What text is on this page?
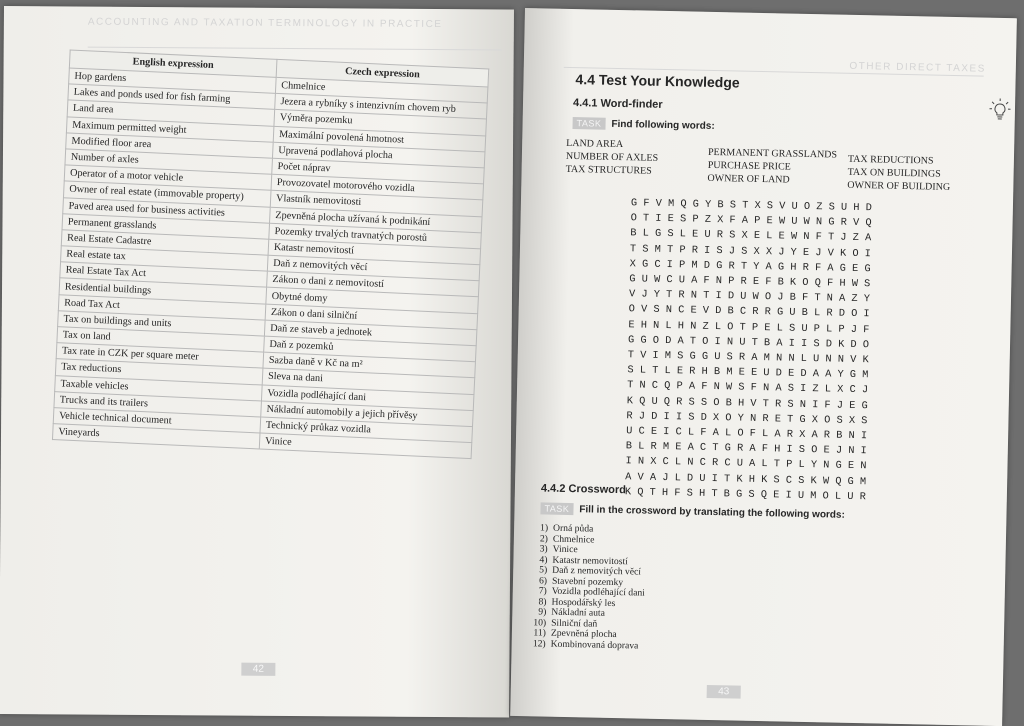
ACCOUNTING AND TAXATION TERMINOLOGY IN PRACTICE
English expression	Czech expression
Hop gardens	Chmelnice
Lakes and ponds used for fish farming	Jezera a rybníky s intenzivním chovem ryb
Land area	Výměra pozemku
Maximum permitted weight	Maximální povolená hmotnost
Modified floor area	Upravená podlahová plocha
Number of axles	Počet náprav
Operator of a motor vehicle	Provozovatel motorového vozidla
Owner of real estate (immovable property)	Vlastník nemovitosti
Paved area used for business activities	Zpevněná plocha užívaná k podnikání
Permanent grasslands	Pozemky trvalých travnatých porostů
Real Estate Cadastre	Katastr nemovitostí
Real estate tax	Daň z nemovitých věcí
Real Estate Tax Act	Zákon o dani z nemovitostí
Residential buildings	Obytné domy
Road Tax Act	Zákon o dani silniční
Tax on buildings and units	Daň ze staveb a jednotek
Tax on land	Daň z pozemků
Tax rate in CZK per square meter	Sazba daně v Kč na m²
Tax reductions	Sleva na dani
Taxable vehicles	Vozidla podléhající dani
Trucks and its trailers	Nákladní automobily a jejich přívěsy
Vehicle technical document	Technický průkaz vozidla
Vineyards	Vinice
42
OTHER DIRECT TAXES
4.4 Test Your Knowledge
4.4.1 Word-finder
TASK Find following words:
LAND AREA
NUMBER OF AXLES
TAX STRUCTURES
PERMANENT GRASSLANDS
PURCHASE PRICE
OWNER OF LAND
TAX REDUCTIONS
TAX ON BUILDINGS
OWNER OF BUILDING
G F V M Q G Y B S T X S V U O Z S U H D
O T I E S P Z X F A P E W U W N G R V Q
B L G S L E U R S X E L E W N F T J Z A
T S M T P R I S J S X X J Y E J V K O I
X G C I P M D G R T Y A G H R F A G E G
G U W C U A F N P R E F B K O Q F H W S
V J Y T R N T I D U W O J B F T N A Z Y
O V S N C E V D B C R R G U B L R D O I
E H N L H N Z L O T P E L S U P L P J F
G G O D A T O I N U T B A I I S D K D O
T V I M S G G U S R A M N N L U N N V K
S L T L E R H B M E E U D E D A A Y G M
T N C Q P A F N W S F N A S I Z L X C J
K Q U Q R S S O B H V T R S N I F J E G
R J D I I S D X O Y N R E T G X O S X S
U C E I C L F A L O F L A R X A R B N I
B L R M E A C T G R A F H I S O E J N I
I N X C L N C R C U A L T P L Y N G E N
A V A J L D U I T K H K S C S K W Q G M
K Q T H F S H T B G S Q E I U M O L U R
4.4.2 Crossword
TASK Fill in the crossword by translating the following words:
1) Orná půda
2) Chmelnice
3) Vinice
4) Katastr nemovitostí
5) Daň z nemovitých věcí
6) Stavební pozemky
7) Vozidla podléhající dani
8) Hospodářský les
9) Nákladní auta
10) Silniční daň
11) Zpevněná plocha
12) Kombinovaná doprava
43
